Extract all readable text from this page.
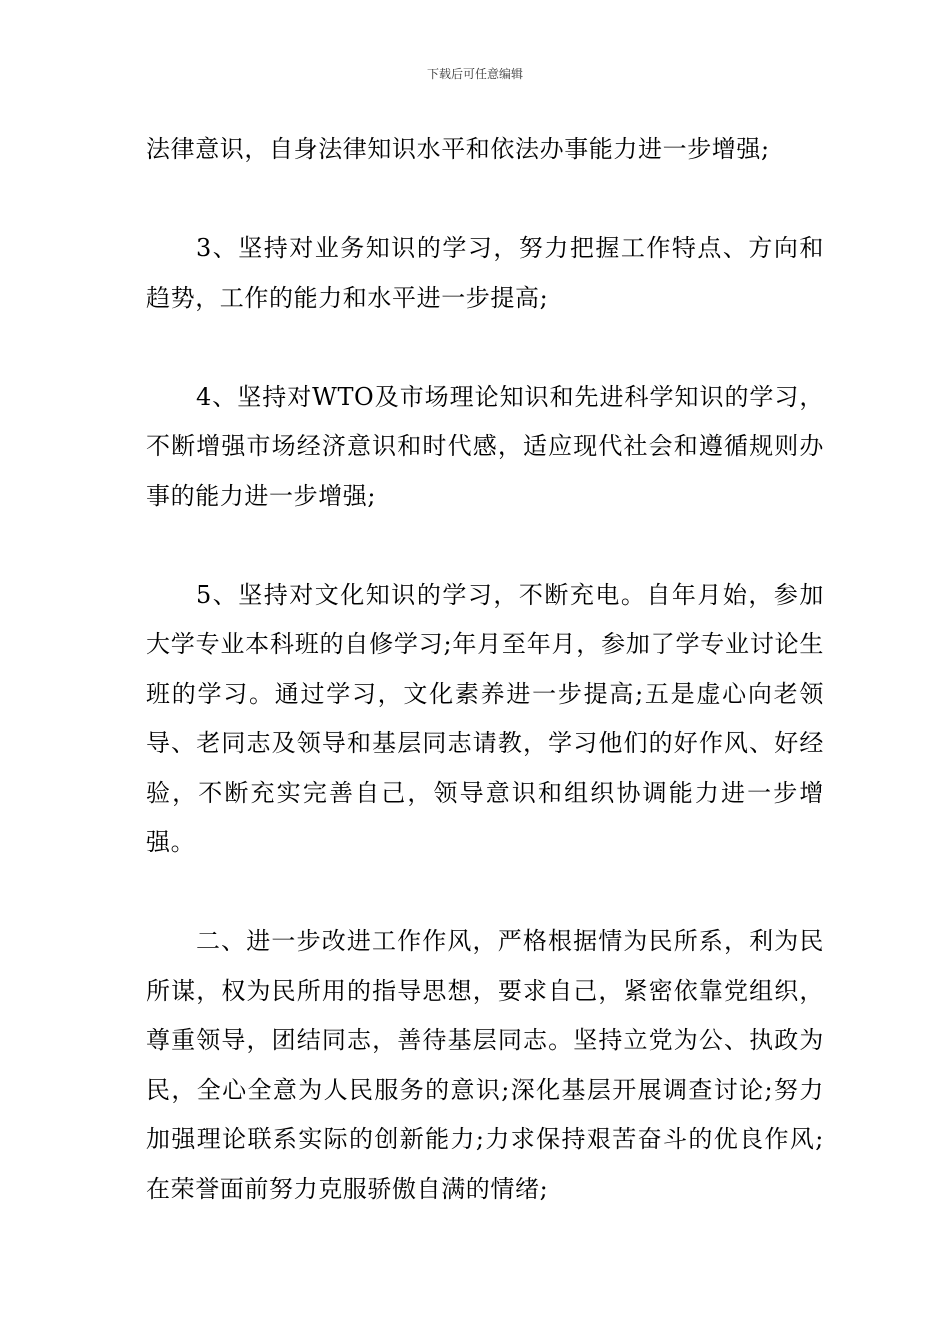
下载后可任意编辑

法律意识，自身法律知识水平和依法办事能力进一步增强;

3、坚持对业务知识的学习，努力把握工作特点、方向和趋势，工作的能力和水平进一步提高;

4、坚持对WTO及市场理论知识和先进科学知识的学习，不断增强市场经济意识和时代感，适应现代社会和遵循规则办事的能力进一步增强;

5、坚持对文化知识的学习，不断充电。自年月始，参加大学专业本科班的自修学习;年月至年月，参加了学专业讨论生班的学习。通过学习，文化素养进一步提高;五是虚心向老领导、老同志及领导和基层同志请教，学习他们的好作风、好经验，不断充实完善自己，领导意识和组织协调能力进一步增强。

二、进一步改进工作作风，严格根据情为民所系，利为民所谋，权为民所用的指导思想，要求自己，紧密依靠党组织，尊重领导，团结同志，善待基层同志。坚持立党为公、执政为民，全心全意为人民服务的意识;深化基层开展调查讨论;努力加强理论联系实际的创新能力;力求保持艰苦奋斗的优良作风;在荣誉面前努力克服骄傲自满的情绪;
